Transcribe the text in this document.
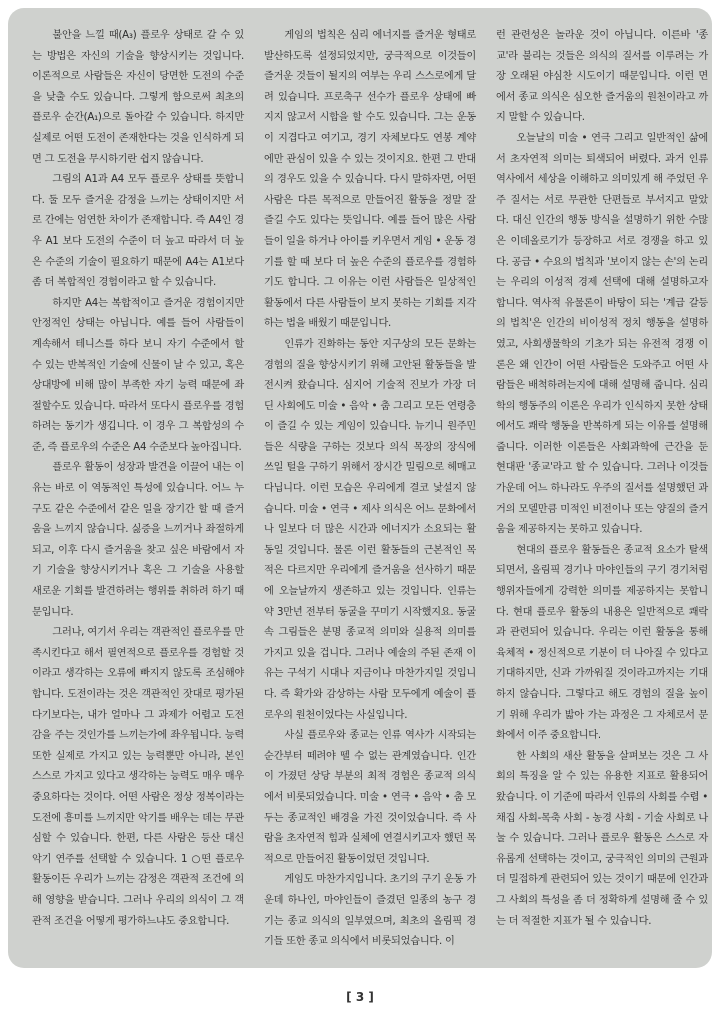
불안을 느낄 때(A₃) 플로우 상태로 갈 수 있는 방법은 자신의 기술을 향상시키는 것입니다. 이론적으로 사람들은 자신이 당면한 도전의 수준을 낮출 수도 있습니다. 그렇게 함으로써 최초의 플로우 순간(A₁)으로 돌아갈 수 있습니다. 하지만 실제로 어떤 도전이 존재한다는 것을 인식하게 되면 그 도전을 무시하기란 쉽지 않습니다.

그림의 A1과 A4 모두 플로우 상태를 뜻합니다. 둘 모두 즐거운 감정을 느끼는 상태이지만 서로 간에는 엄연한 차이가 존재합니다. 즉 A4인 경우 A1 보다 도전의 수준이 더 높고 따라서 더 높은 수준의 기술이 필요하기 때문에 A4는 A1보다 좀 더 복합적인 경험이라고 할 수 있습니다.

하지만 A4는 복합적이고 즐거운 경험이지만 안정적인 상태는 아닙니다. 예를 들어 사람들이 계속해서 테니스를 하다 보니 자기 수준에서 할 수 있는 반복적인 기술에 신물이 날 수 있고, 혹은 상대방에 비해 많이 부족한 자기 능력 때문에 좌절할수도 있습니다. 따라서 또다시 플로우를 경험하려는 동기가 생깁니다. 이 경우 그 복합성의 수준, 즉 플로우의 수준은 A4 수준보다 높아집니다.

플로우 활동이 성장과 발견을 이끌어 내는 이유는 바로 이 역동적인 특성에 있습니다. 어느 누구도 같은 수준에서 같은 일을 장기간 할 때 즐거움을 느끼지 않습니다. 싫증을 느끼거나 좌절하게 되고, 이후 다시 즐거움을 찾고 싶은 바람에서 자기 기술을 향상시키거나 혹은 그 기술을 사용할 새로운 기회를 발견하려는 행위를 취하려 하기 때문입니다.

그러나, 여기서 우리는 객관적인 플로우를 만족시킨다고 해서 필연적으로 플로우를 경험할 것이라고 생각하는 오류에 빠지지 않도록 조심해야 합니다. 도전이라는 것은 객관적인 잣대로 평가된다기보다는, 내가 얼마나 그 과제가 어렵고 도전감을 주는 것인가를 느끼는가에 좌우됩니다. 능력 또한 실제로 가지고 있는 능력뿐만 아니라, 본인 스스로 가지고 있다고 생각하는 능력도 매우 매우중요하다는 것이다. 어떤 사람은 정상 정복이라는 도전에 흥미를 느끼지만 악기를 배우는 데는 무관심할 수 있습니다. 한편, 다른 사람은 등산 대신 악기 연주를 선택할 수 있습니다. 1 ○떤 플로우 활동이든 우리가 느끼는 감정은 객관적 조건에 의해 영향을 받습니다. 그러나 우리의 의식이 그 객관적 조건을 어떻게 평가하느냐도 중요합니다.

게임의 법칙은 심리 에너지를 즐거운 형태로 발산하도록 설정되었지만, 궁극적으로 이것들이 즐거운 것들이 될지의 여부는 우리 스스로에게 달려 있습니다. 프로축구 선수가 플로우 상태에 빠지지 않고서 시합을 할 수도 있습니다. 그는 운동이 지겹다고 여기고, 경기 자체보다도 연봉 계약에만 관심이 있을 수 있는 것이지요. 한편 그 반대의 경우도 있을 수 있습니다. 다시 말하자면, 어떤 사람은 다른 목적으로 만들어진 활동을 정말 잘 즐길 수도 있다는 뜻입니다. 예를 들어 많은 사람들이 일을 하거나 아이를 키우면서 게임 • 운동 경기를 할 때 보다 더 높은 수준의 플로우를 경험하기도 합니다. 그 이유는 이런 사람들은 일상적인 활동에서 다른 사람들이 보지 못하는 기회를 지각하는 법을 배웠기 때문입니다.

인류가 진화하는 동안 지구상의 모든 문화는 경험의 질을 향상시키기 위해 고안된 활동들을 발전시켜 왔습니다. 심지어 기술적 진보가 가장 더딘 사회에도 미술 • 음악 • 춤 그리고 모든 연령층이 즐길 수 있는 게임이 있습니다. 뉴기니 원주민들은 식량을 구하는 것보다 의식 목장의 장식에 쓰일 털을 구하기 위해서 장시간 밀림으로 헤매고 다닙니다. 이런 모습은 우리에게 결코 낯설지 않습니다. 미술 • 연극 • 제사 의식은 어느 문화에서나 일보다 더 많은 시간과 에너지가 소요되는 활동일 것입니다. 물론 이런 활동들의 근본적인 목적은 다르지만 우리에게 즐거움을 선사하기 때문에 오늘날까지 생존하고 있는 것입니다. 인류는 약 3만년 전부터 동굴을 꾸미기 시작했지요. 동굴 속 그림들은 분명 종교적 의미와 실용적 의미를 가지고 있을 겁니다. 그러나 예술의 주된 존재 이유는 구석기 시대나 지금이나 마찬가지일 것입니다. 즉 확가와 감상하는 사람 모두에게 예술이 플로우의 원천이었다는 사실입니다.

사실 플로우와 종교는 인류 역사가 시작되는 순간부터 떼려야 뗄 수 없는 관계였습니다. 인간이 가졌던 상당 부분의 최적 경험은 종교적 의식에서 비롯되었습니다. 미술 • 연극 • 음악 • 춤 모두는 종교적인 배경을 가진 것이었습니다. 즉 사람을 초자연적 힘과 실체에 연결시키고자 했던 목적으로 만들어진 활동이었던 것입니다.

게임도 마찬가지입니다. 초기의 구기 운동 가운데 하나인, 마야인들이 즐겼던 일종의 농구 경기는 종교 의식의 일부였으며, 최초의 올림픽 경기들 또한 종교 의식에서 비롯되었습니다. 이

런 관련성은 놀라운 것이 아닙니다. 이른바 '종교'라 불리는 것들은 의식의 질서를 이루려는 가장 오래된 야심찬 시도이기 때문입니다. 이런 면에서 종교 의식은 심오한 즐거움의 원천이라고 까지 말할 수 있습니다.

오늘날의 미술 • 연극 그리고 일반적인 삶에서 초자연적 의미는 퇴색되어 버렸다. 과거 인류 역사에서 세상을 이해하고 의미있게 해 주었던 우주 질서는 서로 무관한 단편들로 부서지고 말았다. 대신 인간의 행동 방식을 설명하기 위한 수많은 이데올로기가 등장하고 서로 경쟁을 하고 있다. 공급 • 수요의 법칙과 '보이지 않는 손'의 논리는 우리의 이성적 경제 선택에 대해 설명하고자 합니다. 역사적 유물론이 바탕이 되는 '계급 갈등의 법칙'은 인간의 비이성적 정치 행동을 설명하였고, 사회생물학의 기초가 되는 유전적 경쟁 이론은 왜 인간이 어떤 사람들은 도와주고 어떤 사람들은 배척하려는지에 대해 설명해 줍니다. 심리학의 행동주의 이론은 우리가 인식하지 못한 상태에서도 쾌락 행동을 반복하게 되는 이유를 설명해 줍니다. 이러한 이론들은 사회과학에 근간을 둔 현대판 '종교'라고 할 수 있습니다. 그러나 이것들 가운데 어느 하나라도 우주의 질서를 설명했던 과거의 모델만큼 미적인 비전이나 또는 양질의 즐거움을 제공하지는 못하고 있습니다.

현대의 플로우 활동들은 종교적 요소가 탈색되면서, 올림픽 경기나 마야인들의 구기 경기처럼 행위자들에게 강력한 의미를 제공하지는 못합니다. 현대 플로우 활동의 내용은 일반적으로 쾌락과 관련되어 있습니다. 우리는 이런 활동을 통해 육체적 • 정신적으로 기분이 더 나아질 수 있다고 기대하지만, 신과 가까워질 것이라고까지는 기대하지 않습니다. 그렇다고 해도 경험의 질을 높이기 위해 우리가 밟아 가는 과정은 그 자체로서 문화에서 이주 중요합니다.

한 사회의 새산 활동을 살펴보는 것은 그 사회의 특징을 알 수 있는 유용한 지표로 활용되어 왔습니다. 이 기준에 따라서 인류의 사회를 수렵 • 채집 사회-목축 사회 - 농경 사회 - 기술 사회로 나눌 수 있습니다. 그러나 플로우 활동은 스스로 자유롭게 선택하는 것이고, 궁극적인 의미의 근원과 더 밀접하게 관련되어 있는 것이기 때문에 인간과 그 사회의 특성을 좀 더 정확하게 설명해 줄 수 있는 더 적절한 지표가 될 수 있습니다.

[ 3 ]
